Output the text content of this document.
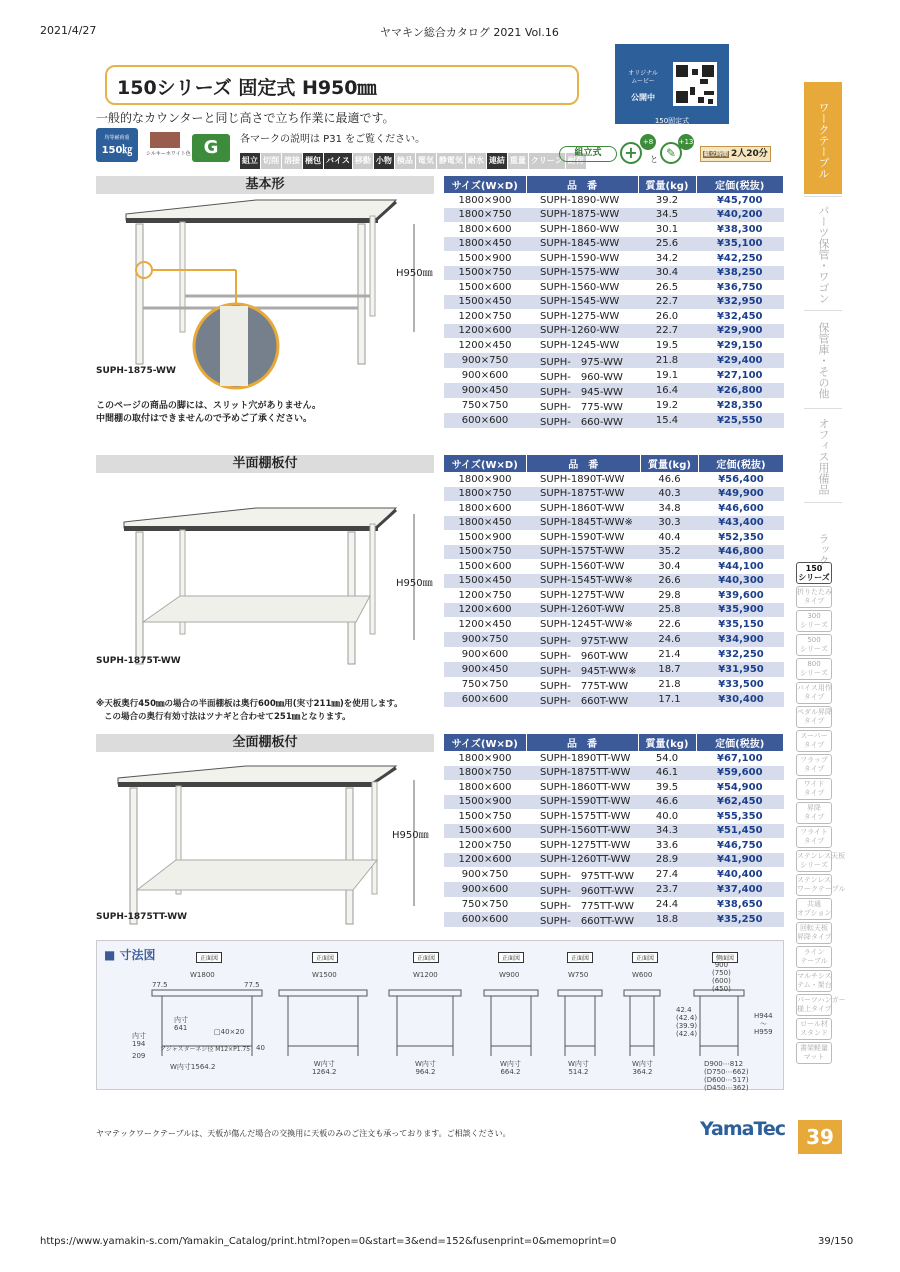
2021/4/27	ヤマキン総合カタログ 2021 Vol.16
150シリーズ 固定式 H950㎜
一般的なカウンターと同じ高さで立ち作業に最適です。
オリジナル
ムービー
公開中
150固定式
均等耐荷重
150㎏	シルキーホワイト色 G	各マークの説明は P31 をご覧ください。
組立 切削 溶接 梱包 バイス 移動 小物 検品 電気 静電気 耐水 連結 重量 クリーン 耐荷
組立式	+
+8
と ✎
+13
組立時間 2人20分
基本形
H950㎜
SUPH-1875-WW
このページの商品の脚には、スリット穴がありません。
中間棚の取付はできませんので予めご了承ください。
サイズ(W×D)	品　番	質量(kg)	定価(税抜)
1800×900	SUPH-1890-WW	39.2	¥45,700
1800×750	SUPH-1875-WW	34.5	¥40,200
1800×600	SUPH-1860-WW	30.1	¥38,300
1800×450	SUPH-1845-WW	25.6	¥35,100
1500×900	SUPH-1590-WW	34.2	¥42,250
1500×750	SUPH-1575-WW	30.4	¥38,250
1500×600	SUPH-1560-WW	26.5	¥36,750
1500×450	SUPH-1545-WW	22.7	¥32,950
1200×750	SUPH-1275-WW	26.0	¥32,450
1200×600	SUPH-1260-WW	22.7	¥29,900
1200×450	SUPH-1245-WW	19.5	¥29,150
900×750	SUPH-　975-WW	21.8	¥29,400
900×600	SUPH-　960-WW	19.1	¥27,100
900×450	SUPH-　945-WW	16.4	¥26,800
750×750	SUPH-　775-WW	19.2	¥28,350
600×600	SUPH-　660-WW	15.4	¥25,550
半面棚板付
H950㎜
SUPH-1875T-WW
※天板奥行450㎜の場合の半面棚板は奥行600㎜用(実寸211㎜)を使用します。
この場合の奥行有効寸法はツナギと合わせて251㎜となります。
サイズ(W×D)	品　番	質量(kg)	定価(税抜)
1800×900	SUPH-1890T-WW	46.6	¥56,400
1800×750	SUPH-1875T-WW	40.3	¥49,900
1800×600	SUPH-1860T-WW	34.8	¥46,600
1800×450	SUPH-1845T-WW※	30.3	¥43,400
1500×900	SUPH-1590T-WW	40.4	¥52,350
1500×750	SUPH-1575T-WW	35.2	¥46,800
1500×600	SUPH-1560T-WW	30.4	¥44,100
1500×450	SUPH-1545T-WW※	26.6	¥40,300
1200×750	SUPH-1275T-WW	29.8	¥39,600
1200×600	SUPH-1260T-WW	25.8	¥35,900
1200×450	SUPH-1245T-WW※	22.6	¥35,150
900×750	SUPH-　975T-WW	24.6	¥34,900
900×600	SUPH-　960T-WW	21.4	¥32,250
900×450	SUPH-　945T-WW※	18.7	¥31,950
750×750	SUPH-　775T-WW	21.8	¥33,500
600×600	SUPH-　660T-WW	17.1	¥30,400
全面棚板付
H950㎜
SUPH-1875TT-WW
サイズ(W×D)	品　番	質量(kg)	定価(税抜)
1800×900	SUPH-1890TT-WW	54.0	¥67,100
1800×750	SUPH-1875TT-WW	46.1	¥59,600
1800×600	SUPH-1860TT-WW	39.5	¥54,900
1500×900	SUPH-1590TT-WW	46.6	¥62,450
1500×750	SUPH-1575TT-WW	40.0	¥55,350
1500×600	SUPH-1560TT-WW	34.3	¥51,450
1200×750	SUPH-1275TT-WW	33.6	¥46,750
1200×600	SUPH-1260TT-WW	28.9	¥41,900
900×750	SUPH-　975TT-WW	27.4	¥40,400
900×600	SUPH-　960TT-WW	23.7	¥37,400
750×750	SUPH-　775TT-WW	24.4	¥38,650
600×600	SUPH-　660TT-WW	18.8	¥35,250
■ 寸法図	正面図	正面図	正面図	正面図	正面図	正面図	側面図
W1800	W1500	W1200	W900	W750	W600
77.5	77.5
内寸
641	□40×20
内寸
194
209
40
アジャスターネジ径 M12×P1.75
W内寸1564.2	W内寸
1264.2
W内寸
964.2
W内寸
664.2
W内寸
514.2
W内寸
364.2
900
(750)
(600)
(450)
42.4
(42.4)
(39.9)
(42.4)
H944
〜
H959
D900⋯812
(D750⋯662)
(D600⋯517)
(D450⋯362)
ヤマテックワークテーブルは、天板が傷んだ場合の交換用に天板のみのご注文も承っております。ご相談ください。	YamaTec	39
https://www.yamakin-s.com/Yamakin_Catalog/print.html?open=0&start=3&end=152&fusenprint=0&memoprint=0	39/150
ワークテーブル
パーツ保管・ワゴン
保管庫・その他
オフィス用備品
ラック
150
シリーズ
折りたたみ
タイプ
300
シリーズ
500
シリーズ
800
シリーズ
バイス用作
タイプ
ペダル昇降
タイプ
スーパー
タイプ
フラップ
タイプ
ワイド
タイプ
昇降
タイプ
フライト
タイプ
ステンレス天板
シリーズ
ステンレス
ワークテーブル
共通
オプション
回転天板
昇降タイプ
ライン
テーブル
マルチシス
テム・架台
パーツハンガー
様上タイプ
ロール材
スタンド
書架軽量
マット
